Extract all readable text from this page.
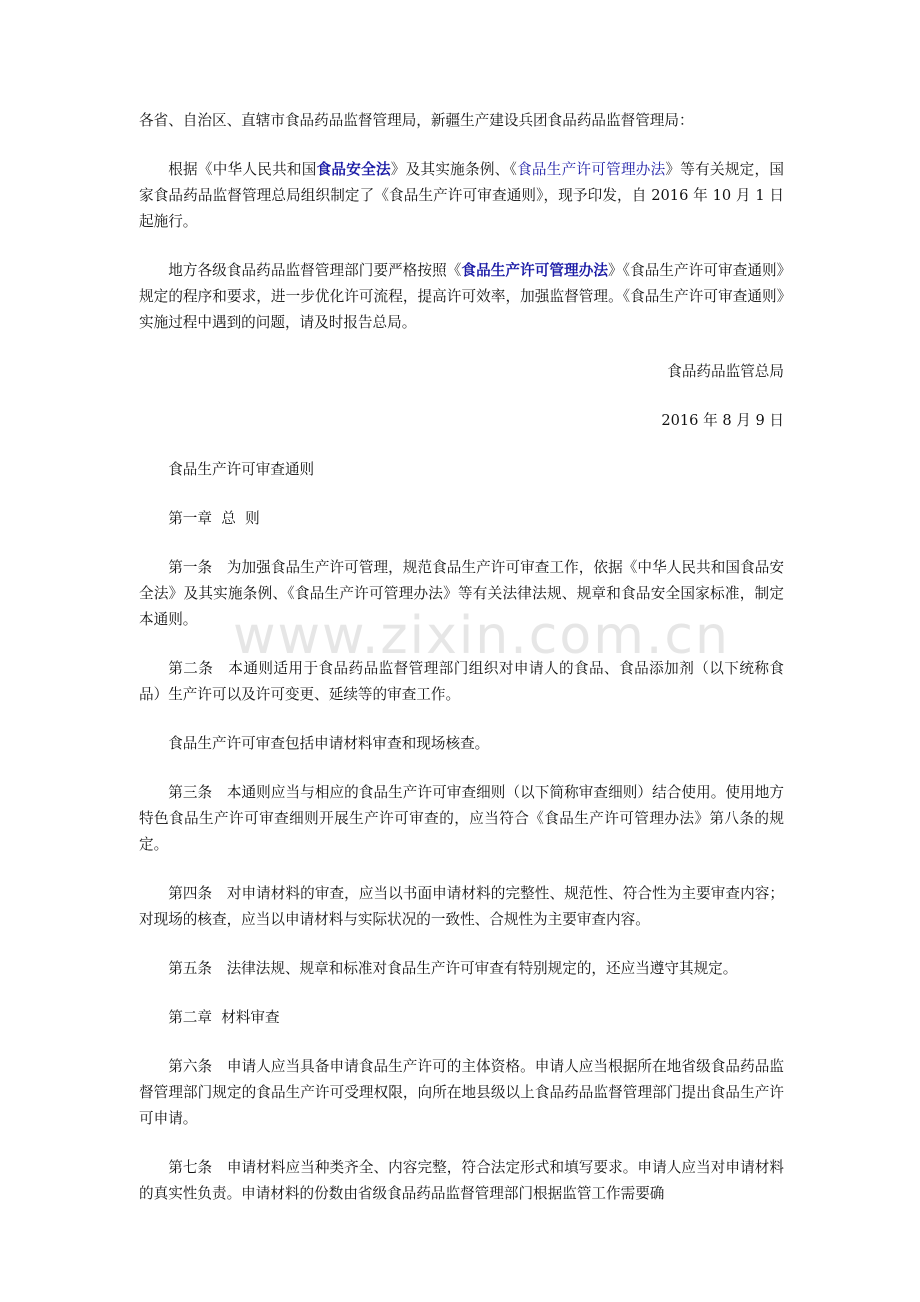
www.zixin.com.cn

各省、自治区、直辖市食品药品监督管理局，新疆生产建设兵团食品药品监督管理局：

根据《中华人民共和国食品安全法》及其实施条例、《食品生产许可管理办法》等有关规定，国家食品药品监督管理总局组织制定了《食品生产许可审查通则》，现予印发，自 2016 年 10 月 1 日起施行。

地方各级食品药品监督管理部门要严格按照《食品生产许可管理办法》《食品生产许可审查通则》规定的程序和要求，进一步优化许可流程，提高许可效率，加强监督管理。《食品生产许可审查通则》实施过程中遇到的问题，请及时报告总局。

食品药品监管总局

2016 年 8 月 9 日

食品生产许可审查通则

第一章  总  则

第一条　为加强食品生产许可管理，规范食品生产许可审查工作，依据《中华人民共和国食品安全法》及其实施条例、《食品生产许可管理办法》等有关法律法规、规章和食品安全国家标准，制定本通则。

第二条　本通则适用于食品药品监督管理部门组织对申请人的食品、食品添加剂（以下统称食品）生产许可以及许可变更、延续等的审查工作。

食品生产许可审查包括申请材料审查和现场核查。

第三条　本通则应当与相应的食品生产许可审查细则（以下简称审查细则）结合使用。使用地方特色食品生产许可审查细则开展生产许可审查的，应当符合《食品生产许可管理办法》第八条的规定。

第四条　对申请材料的审查，应当以书面申请材料的完整性、规范性、符合性为主要审查内容；对现场的核查，应当以申请材料与实际状况的一致性、合规性为主要审查内容。

第五条　法律法规、规章和标准对食品生产许可审查有特别规定的，还应当遵守其规定。

第二章  材料审查

第六条　申请人应当具备申请食品生产许可的主体资格。申请人应当根据所在地省级食品药品监督管理部门规定的食品生产许可受理权限，向所在地县级以上食品药品监督管理部门提出食品生产许可申请。

第七条　申请材料应当种类齐全、内容完整，符合法定形式和填写要求。申请人应当对申请材料的真实性负责。申请材料的份数由省级食品药品监督管理部门根据监管工作需要确
